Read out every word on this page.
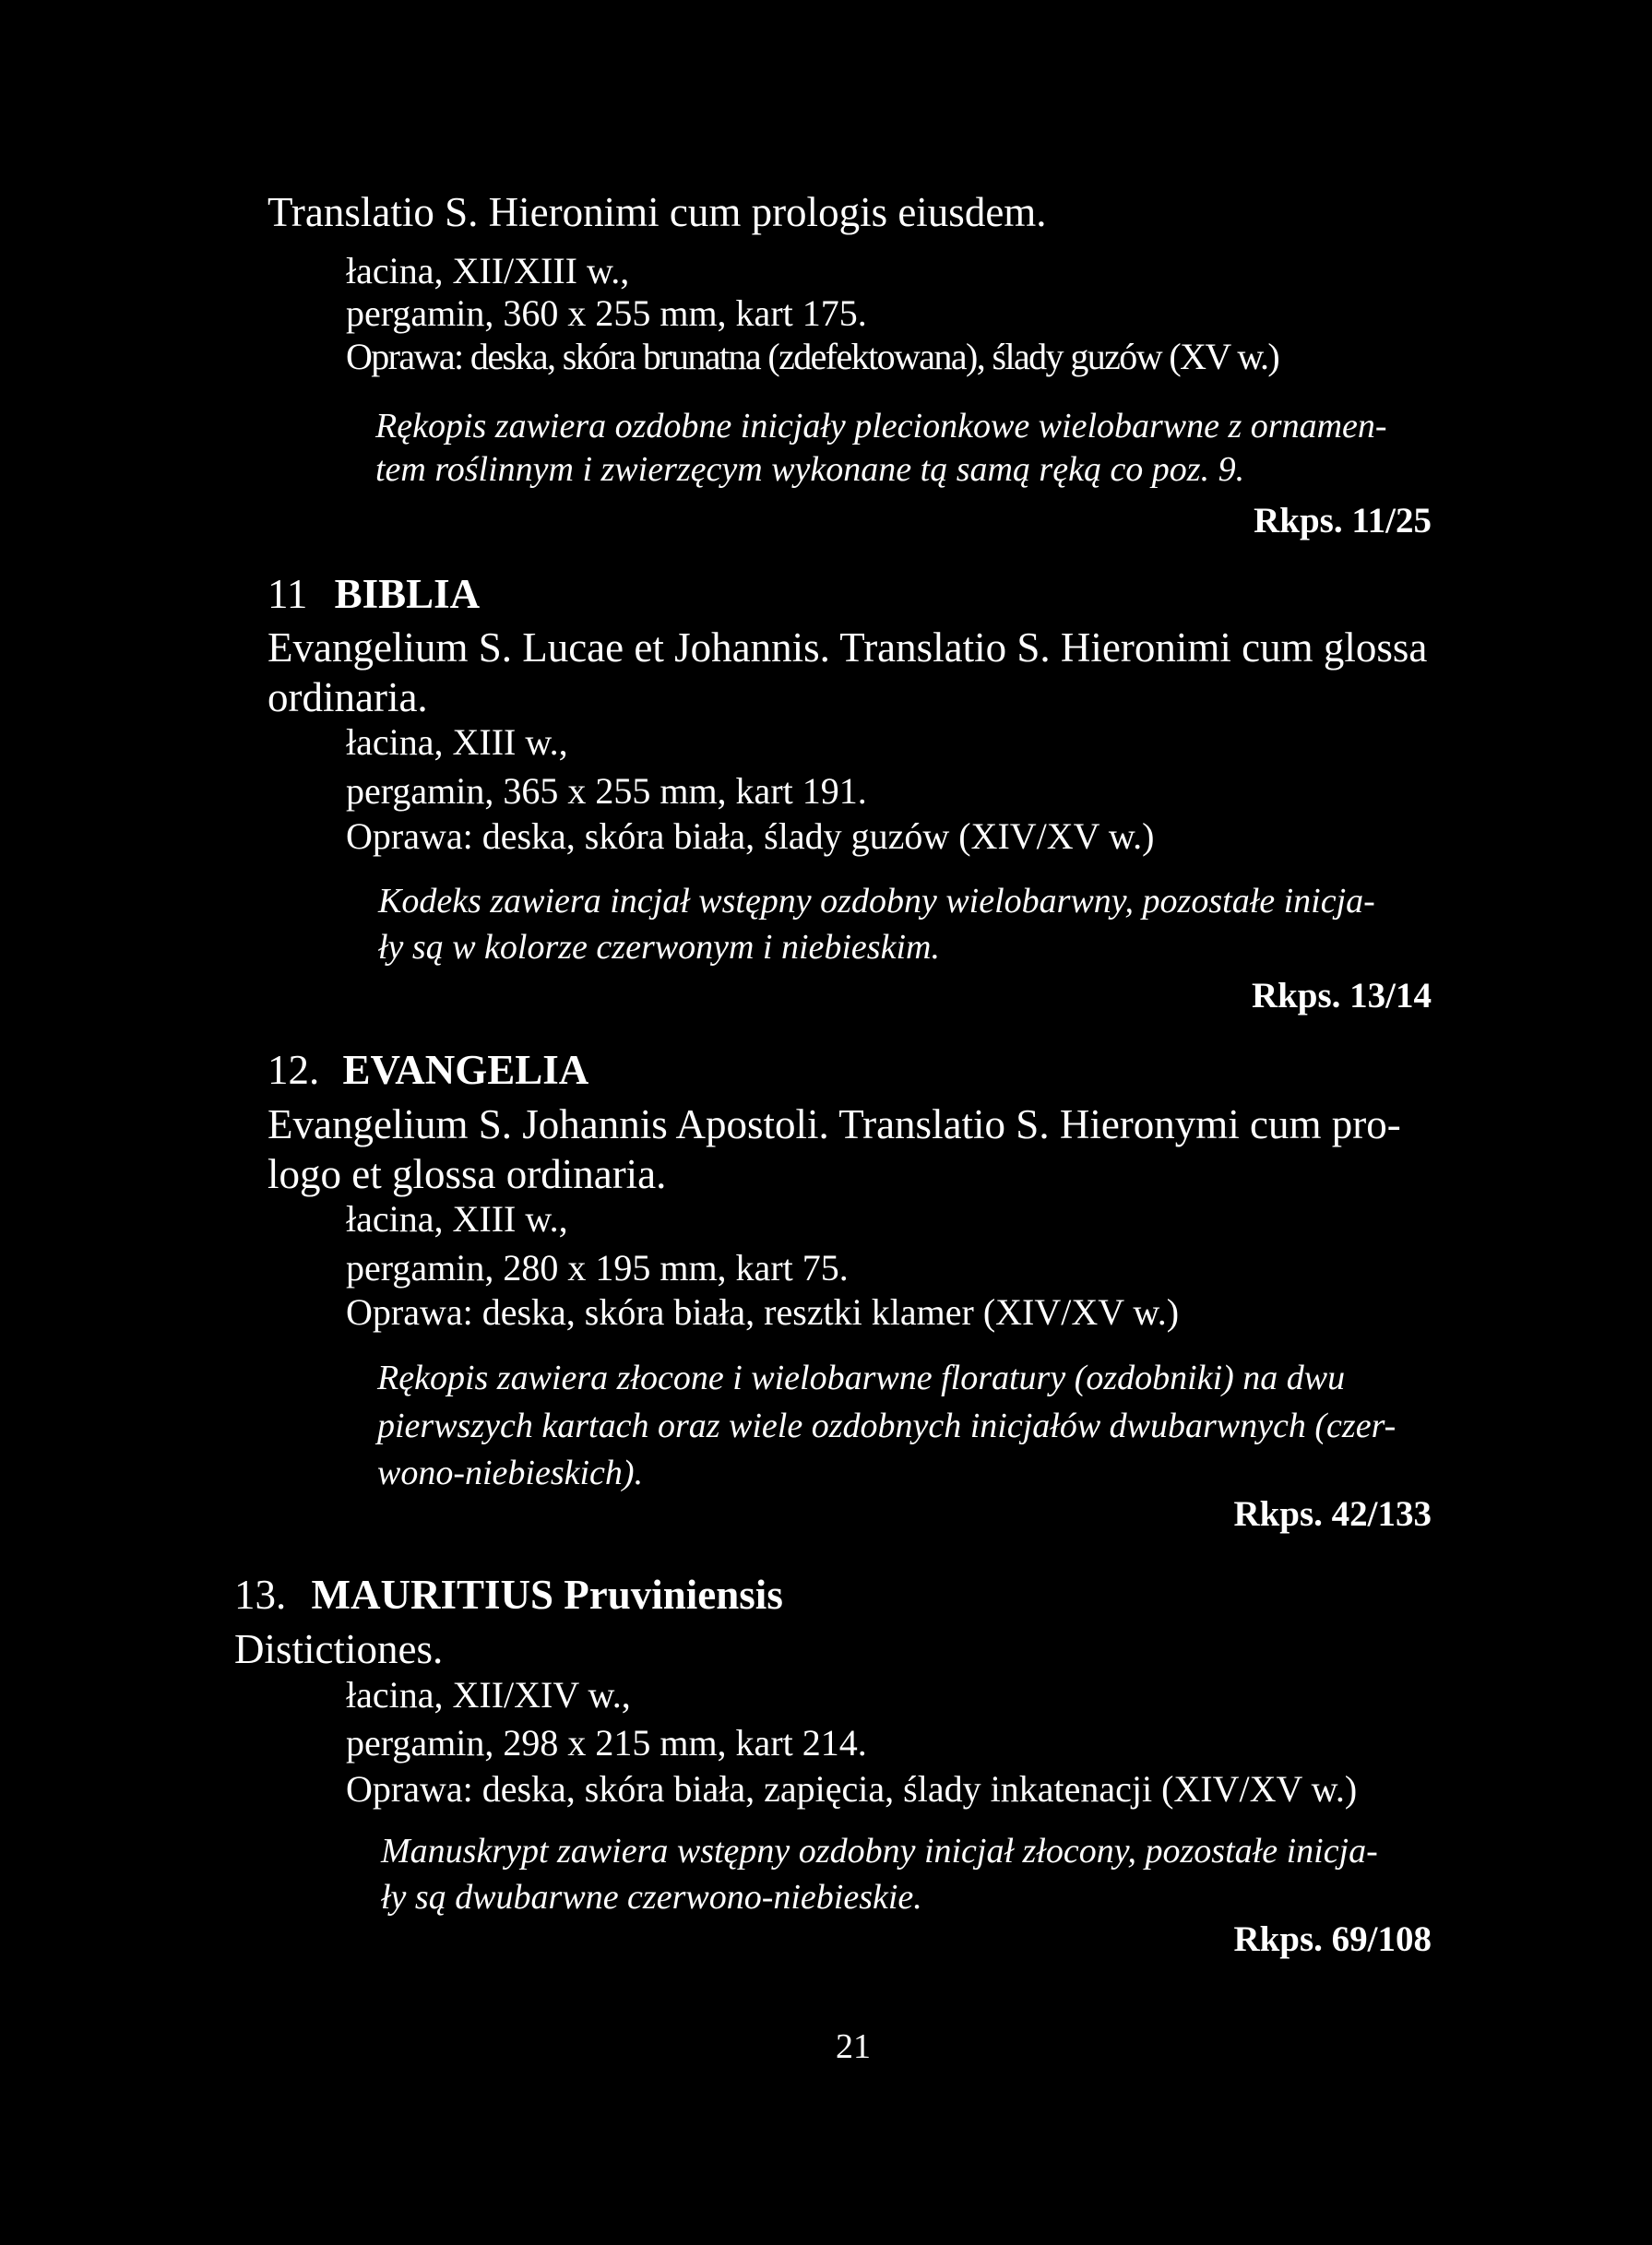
Translatio S. Hieronimi cum prologis eiusdem.
łacina, XII/XIII w.,
pergamin, 360 x 255 mm, kart 175.
Oprawa: deska, skóra brunatna (zdefektowana), ślady guzów (XV w.)
Rękopis zawiera ozdobne inicjały plecionkowe wielobarwne z ornamen-
tem roślinnym i zwierzęcym wykonane tą samą ręką co poz. 9.
Rkps. 11/25
11 BIBLIA
Evangelium S. Lucae et Johannis. Translatio S. Hieronimi cum glossa
ordinaria.
łacina, XIII w.,
pergamin, 365 x 255 mm, kart 191.
Oprawa: deska, skóra biała, ślady guzów (XIV/XV w.)
Kodeks zawiera incjał wstępny ozdobny wielobarwny, pozostałe inicja-
ły są w kolorze czerwonym i niebieskim.
Rkps. 13/14
12. EVANGELIA
Evangelium S. Johannis Apostoli. Translatio S. Hieronymi cum pro-
logo et glossa ordinaria.
łacina, XIII w.,
pergamin, 280 x 195 mm, kart 75.
Oprawa: deska, skóra biała, resztki klamer (XIV/XV w.)
Rękopis zawiera złocone i wielobarwne floratury (ozdobniki) na dwu
pierwszych kartach oraz wiele ozdobnych inicjałów dwubarwnych (czer-
wono-niebieskich).
Rkps. 42/133
13. MAURITIUS Pruviniensis
Distictiones.
łacina, XII/XIV w.,
pergamin, 298 x 215 mm, kart 214.
Oprawa: deska, skóra biała, zapięcia, ślady inkatenacji (XIV/XV w.)
Manuskrypt zawiera wstępny ozdobny inicjał złocony, pozostałe inicja-
ły są dwubarwne czerwono-niebieskie.
Rkps. 69/108
21
